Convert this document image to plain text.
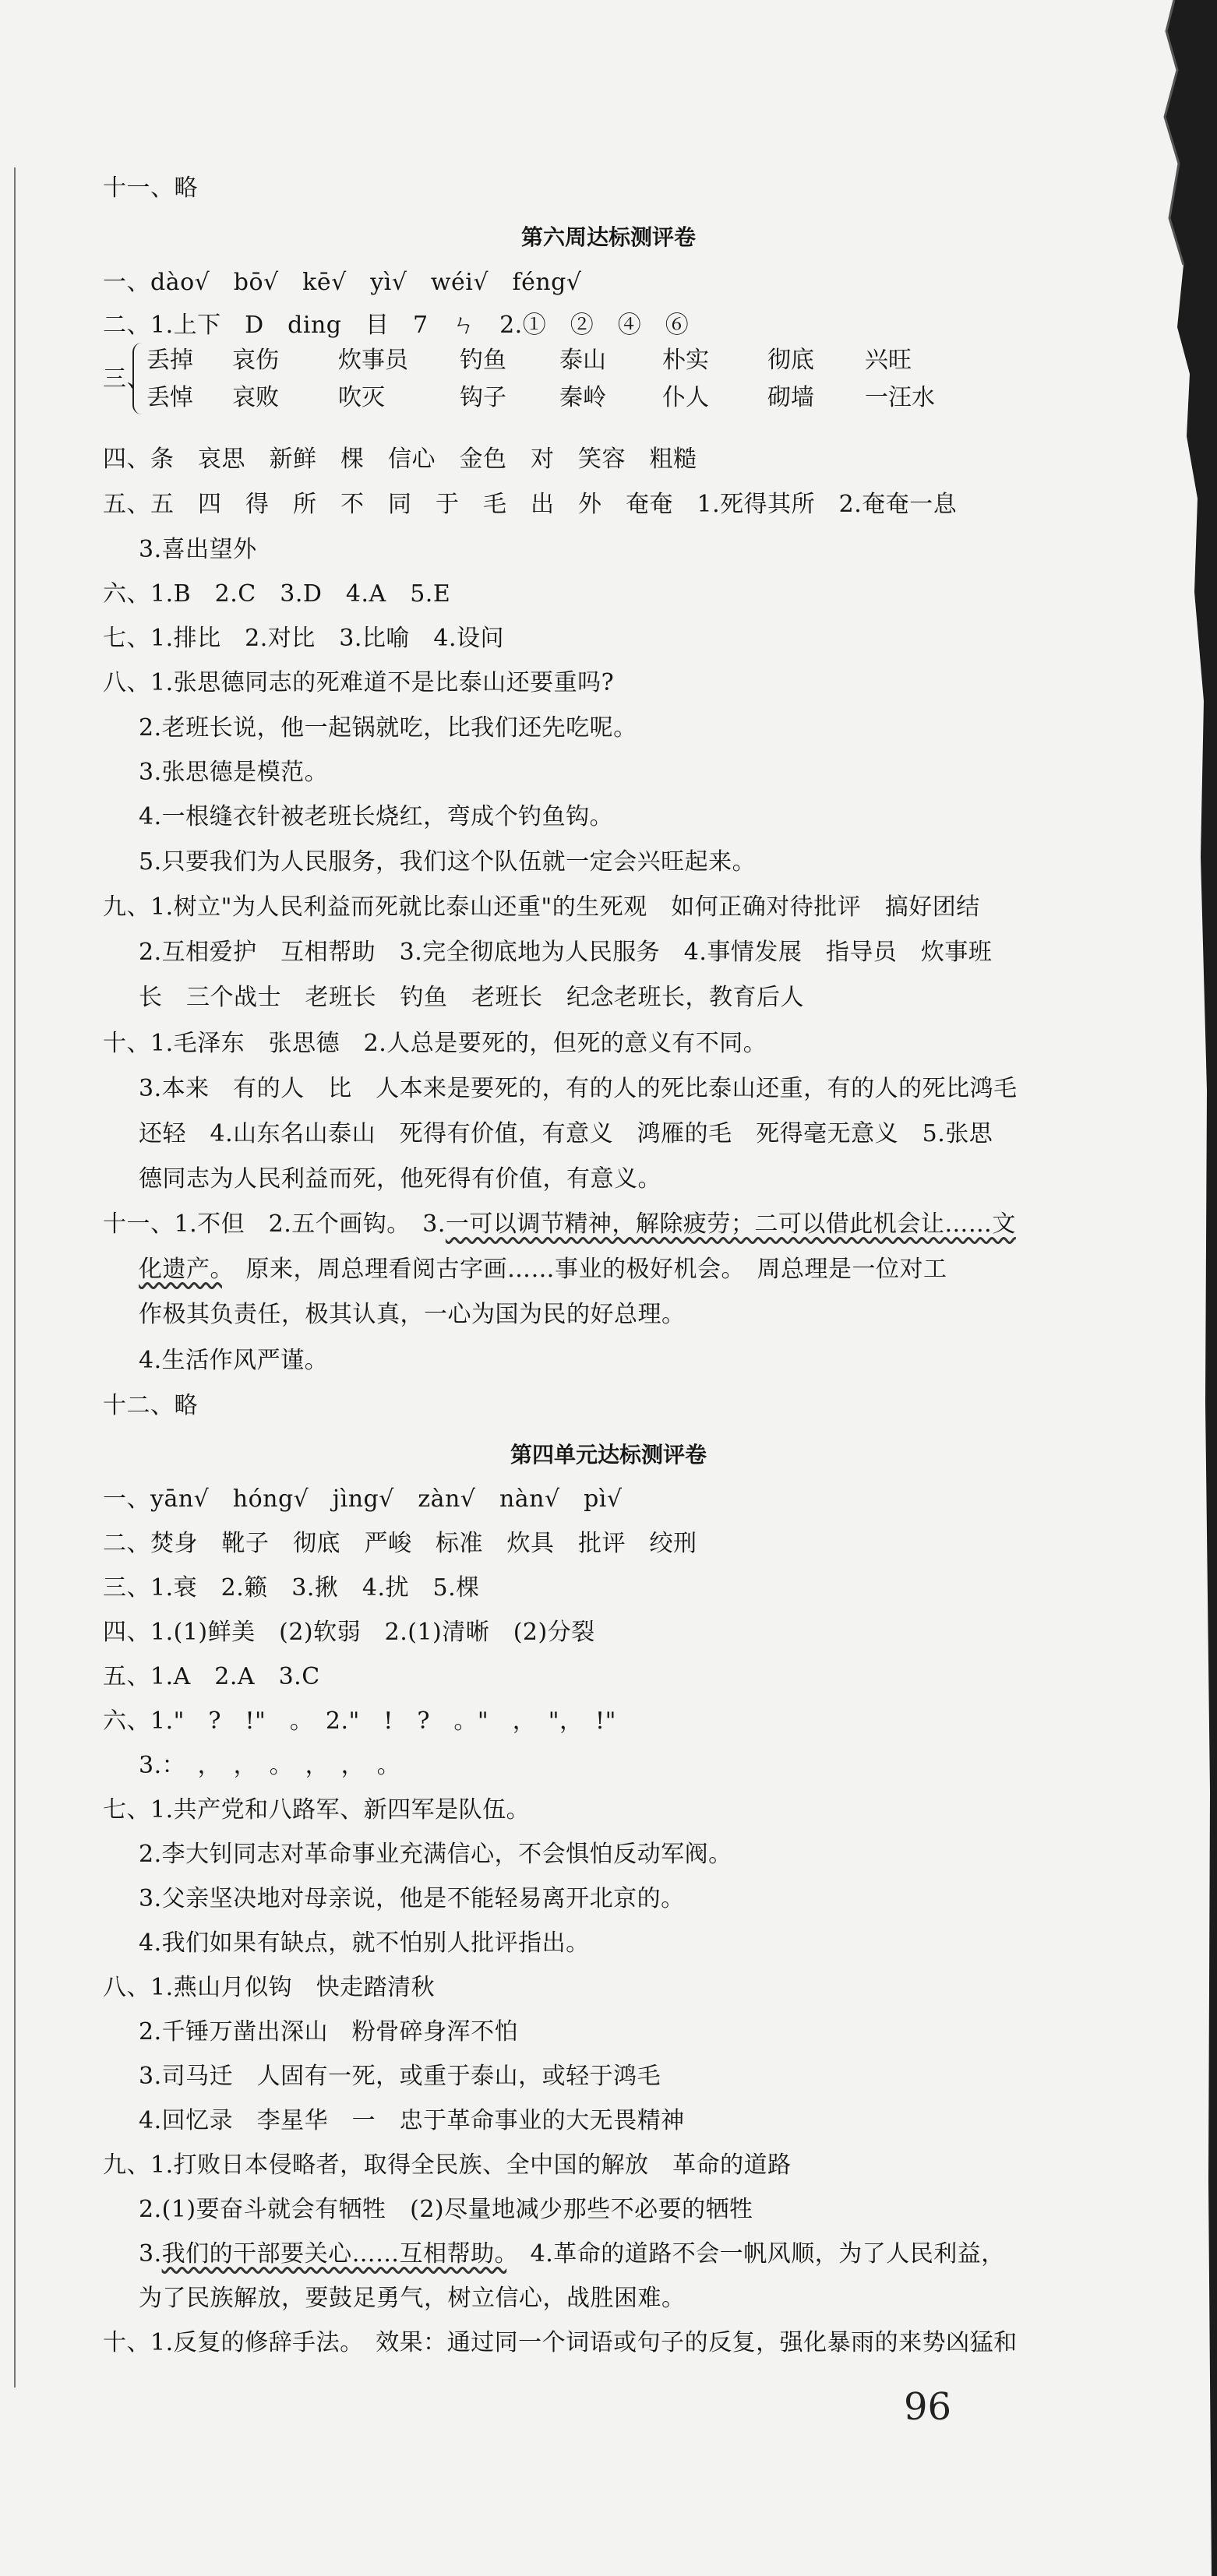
十一、略
第六周达标测评卷
一、dào√　bō√　kē√　yì√　wéi√　féng√
二、1.上下　D　ding　目　7　ㄣ　2.①　②　④　⑥
三、
丢掉
丢悼
哀伤
哀败
炊事员
吹灭
钓鱼
钩子
泰山
秦岭
朴实
仆人
彻底
砌墙
兴旺
一汪水
四、条　哀思　新鲜　棵　信心　金色　对　笑容　粗糙
五、五　四　得　所　不　同　于　毛　出　外　奄奄　1.死得其所　2.奄奄一息
3.喜出望外
六、1.B　2.C　3.D　4.A　5.E
七、1.排比　2.对比　3.比喻　4.设问
八、1.张思德同志的死难道不是比泰山还要重吗?
2.老班长说，他一起锅就吃，比我们还先吃呢。
3.张思德是模范。
4.一根缝衣针被老班长烧红，弯成个钓鱼钩。
5.只要我们为人民服务，我们这个队伍就一定会兴旺起来。
九、1.树立"为人民利益而死就比泰山还重"的生死观　如何正确对待批评　搞好团结
2.互相爱护　互相帮助　3.完全彻底地为人民服务　4.事情发展　指导员　炊事班
长　三个战士　老班长　钓鱼　老班长　纪念老班长，教育后人
十、1.毛泽东　张思德　2.人总是要死的，但死的意义有不同。
3.本来　有的人　比　人本来是要死的，有的人的死比泰山还重，有的人的死比鸿毛
还轻　4.山东名山泰山　死得有价值，有意义　鸿雁的毛　死得毫无意义　5.张思
德同志为人民利益而死，他死得有价值，有意义。
十一、1.不但　2.五个画钩。　3.一可以调节精神，解除疲劳；二可以借此机会让……文
化遗产。　原来，周总理看阅古字画……事业的极好机会。　周总理是一位对工
作极其负责任，极其认真，一心为国为民的好总理。
4.生活作风严谨。
十二、略
第四单元达标测评卷
一、yān√　hóng√　jìng√　zàn√　nàn√　pì√
二、焚身　靴子　彻底　严峻　标准　炊具　批评　绞刑
三、1.衰　2.籁　3.揪　4.扰　5.棵
四、1.(1)鲜美　(2)软弱　2.(1)清晰　(2)分裂
五、1.A　2.A　3.C
六、1."　?　!"　。　2."　!　?　。"　，　"，　!"
3.：　，　，　。　，　，　。
七、1.共产党和八路军、新四军是队伍。
2.李大钊同志对革命事业充满信心，不会惧怕反动军阀。
3.父亲坚决地对母亲说，他是不能轻易离开北京的。
4.我们如果有缺点，就不怕别人批评指出。
八、1.燕山月似钩　快走踏清秋
2.千锤万凿出深山　粉骨碎身浑不怕
3.司马迁　人固有一死，或重于泰山，或轻于鸿毛
4.回忆录　李星华　一　忠于革命事业的大无畏精神
九、1.打败日本侵略者，取得全民族、全中国的解放　革命的道路
2.(1)要奋斗就会有牺牲　(2)尽量地减少那些不必要的牺牲
3.我们的干部要关心……互相帮助。　4.革命的道路不会一帆风顺，为了人民利益，
为了民族解放，要鼓足勇气，树立信心，战胜困难。
十、1.反复的修辞手法。　效果：通过同一个词语或句子的反复，强化暴雨的来势凶猛和
96
